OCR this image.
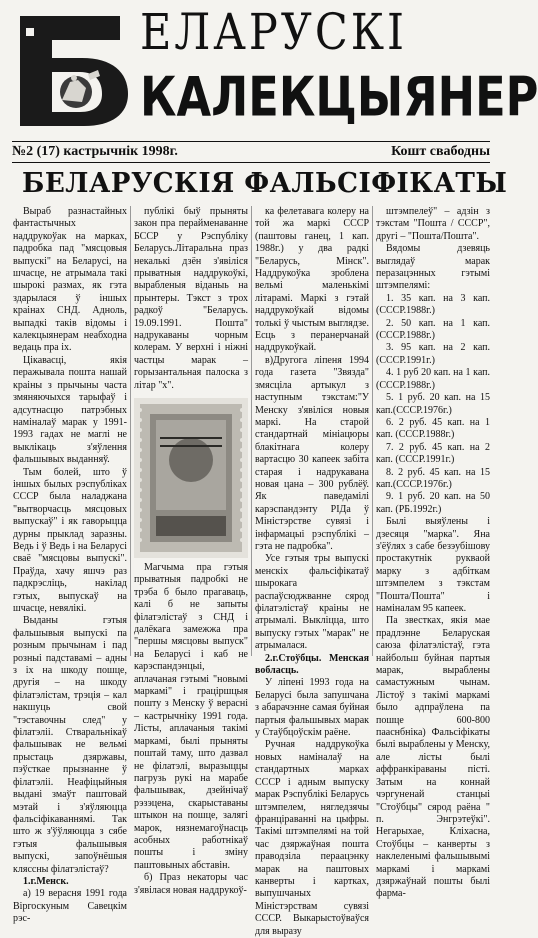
ЕЛАРУСКІ
КАЛЕКЦЫЯНЕР
№2 (17) кастрычнік 1998г.	Кошт свабодны
БЕЛАРУСКІЯ ФАЛЬСІФІКАТЫ

Выраб разнастайных фантастычных наддрукоўак на марках, падробка пад "мясцовыя выпускі" на Беларусі, на шчасце, не атрымала такі шырокі размах, як гэта здарылася ў іншых краінах СНД. Адноль, выпадкі таків відомы і калекцыянерам неабходна ведаць пра іх.

Цікавасці, якія перажывала пошта нашай краіны з прычыны часта змяняючыхся тарыфаў і адсутнасцю патрэбных наміналаў марак у 1991-1993 гадах не маглі не выклікаць з'яўлення фальшывых выданняў.

Тым болей, што ў іншых былых рэспубліках СССР была наладжана "вытворчасць мясцовых выпускаў" і як гаворыцца дурны прыклад заразны. Ведь і ў Ведь і на Беларусі сваё "мясцовы выпускі". Праўда, хачу яшчэ раз падкрэсліць, накілад гэтых, выпускаў на шчасце, невялікі.

Выданы гэтыя фальшывыя выпускі па розным прычынам і пад розныі падставамі – адны з іх на шкоду пошце, другія – на шкоду філатэлістам, трэція – кал накшуць свой "тэставочны след" у філатэліі. Стваральнікаў фальшывак не вельмі прыстаць дзяржавы, пэўсткае прызнанне ў філатэліі. Неафіцыйныя выдані змаўт паштовай мэтай і з'яўляюцца фальсіфікаваннямі. Так што ж з'ўўляюцца з сябе гэтыя фальшывыя выпускі, запоўнёшыя кляссны філатэлістаў?

1.г.Менск.

а) 19 верасня 1991 года Віргоскуным Савецкім рэс-

публікі быў прыняты закон пра перайменаванне БССР у Рэспубліку Беларусь.Літаральна праз некалькі дзён з'явіліся прыватныя наддрукоўкі, вырабленыя віданыь на прынтеры. Тэкст з трох радкоў "Беларусь. 19.09.1991. Пошта" надрукаваны чорным колерам. У верхні і ніжні частцы марак – горызантальная палоска з літар "х".

Магчыма пра гэтыя прыватныя падробкі не трэба б было прагаваць, калі б не запыты філатэлістаў з СНД і далёкага замежжа пра "першы мясцовы выпуск" на Беларусі і каб не карэспандэнцыі, аплачаная гэтымі "новымі маркамі" і граціршцыя пошту з Менску ў верасні – кастрычніку 1991 года. Лісты, аплачаныя такімі маркамі, былі прыняты поштай таму, што дазвал не філатэлі, выразыццы пагрузь рукі на марабе фальшывак, дзейнічаў рэзэцена, скарыставаны штыкон на пошце, залягі марок, нязнемагоўнасць асобных работнікаў пошты і зміну паштовыных абставін.

б) Праз некаторы час з'явілася новая наддрукоў-

ка фелетавага колеру на той жа маркі СССР (паштовы ганец, 1 кап. 1988г.) у два радкі "Беларусь, Мінск". Наддрукоўка зроблена вельмі маленькімі літарамі. Маркі з гэтай наддрукоўкай відомы толькі ў чыстым выглядзе. Есць з перанерчанай наддрукоўкай.

в)Другога ліпеня 1994 года газета "Звязда" змясціла артыкул з наступным тэкстам:"У Менску з'явіліся новыя маркі. На старой стандартнай мініацюры блакітнага колеру вартасцю 30 капеек забіта старая і надрукавана новая цана – 300 рублёў. Як паведамілі карэспандэнту РІДа ў Міністэрстве сувязі і інфармацыі рэспублікі – гэта не падробка".

Усе гэтыя тры выпускі менскіх фальсіфікатаў шырокага распаўсюджванне сярод філатэлістаў краіны не атрымалі. Выкліцца, што выпуску гэтых "марак" не атрымалася.

2.г.Стоўбцы. Менская вобласць.

У ліпені 1993 года на Беларусі была запушчана з абарачэнне самая буйная партыя фальшывых марак у Стаўбцоўскім раёне.

Ручная наддрукоўка новых наміналаў на стандартных марках СССР і адным выпуску марак Рэспублікі Беларусь штэмпелем, нягледзячы франціраванні на цыфры. Такімі штэмпелямі на той час дзяржаўная пошта праводзіла пераацэнку марак на паштовых канверты і картках, выпушчаных Міністэрствам сувязі СССР. Выкарыстоўваўся для выразу

штэмпелеў" – адзін з тэкстам "Пошта / СССР", другі – "Пошта/Пошта".

Вядомы дзевяць выглядаў марак перазацэнных гэтымі штэмпелямі:

1. 35 кап. на 3 кап. (СССР.1988г.)

2. 50 кап. на 1 кап. (СССР.1988г.)

3. 95 кап. на 2 кап. (СССР.1991г.)

4. 1 руб 20 кап. на 1 кап. (СССР.1988г.)

5. 1 руб. 20 кап. на 15 кап.(СССР.1976г.)

6. 2 руб. 45 кап. на 1 кап. (СССР.1988г.)

7. 2 руб. 45 кап. на 2 кап. (СССР.1991г.)

8. 2 руб. 45 кап. на 15 кап.(СССР.1976г.)

9. 1 руб. 20 кап. на 50 кап. (РБ.1992г.)

Былі выяўлены і дзесяця "марка". Яна з'ёўлях з сабе безэубішову простакутнік рукваой марку з адбіткам штэмпелем з тэкстам "Пошта/Пошта" і наміналам 95 капеек.

Па звестках, якія мае прадлэнне Беларуская саюза філатэлістаў, гэта найбольш буйная партыя марак, выраблены самастужным чынам. Лістоў з такімі маркамі было адпраўлена па пошце 600-800 пааснбніка) Фальсіфікаты былі выраблены у Менску, але лісты былі аффранкіраваны пісті. Затым на коннай чэргуненай станцыі "Стоўбцы" сярод раёна " п. Энгрэтеўкі". Негарыхае, Кліхасна, Стоўбцы – канверты з наклеленымі фальшывымі маркамі і маркамі дзяржаўнай пошты былі фарма-
